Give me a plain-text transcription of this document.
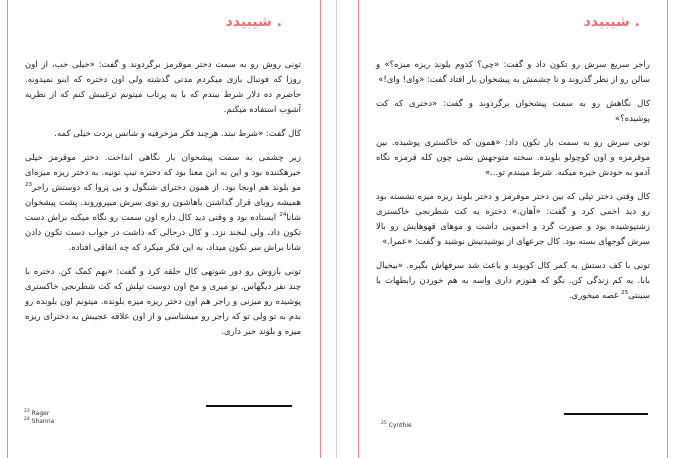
شیبیدد .

تونی روش رو به سمت دختر موقرمز برگردوند و گفت: «خیلی خب، از اون روزا که فوتبال بازی میکردم مدتی گذشته ولی اون دختره که اینو نمیدونه. حاضرم ده دلار شرط ببندم که با یه پرتاب میتونم ترغیبش کنم که از نظریه آشوب استفاده میکنم.

کال گفت: «شرط نبند. هرچند فکر مزخرفیه و شانس بردت خیلی کمه.

زیر چشمی به سمت پیشخوان بار نگاهی انداخت. دختر موقرمز خیلی خیرهکننده بود و این به این معنا بود که دختره تیپ تونیه. به دختر ریزه میزه‌ای مو بلوند هم اونجا بود. از همون دخترای شنگول و بی پروا که دوستش راجر$^{23}$ همیشه رویای قرار گذاشتن باهاشون رو توی سرش میپروروند. پشت پیشخوان شانا$^{24}$ ایستاده بود و وقتی دید کال داره اون سمت رو نگاه میکنه براش دست تکون داد، ولی لبخند نزد. و کال درحالی که داشت در جواب دست تکون دادن شانا براش سر تکون میداد، به این فکر میکرد که چه اتفاقی افتاده.

تونی بازوش رو دور شونهی کال حلقه کرد و گفت: «بهم کمک کن. دختره با چند نفر دیگهاس. تو میری و مخ اون دوست تپلش که کت شطرنجی خاکستری پوشیده رو میزنی و راجر هم اون دختر ریزه میزه بلونده. میتونم اون بلونده رو بدم به تو ولی تو که راجر رو میشناسی و از اون علاقه عجیبش به دخترای ریزه میزه و بلوند خبر داری.

$^{23}$ Rager
$^{24}$ Shanna
شیبیدد .

راجر سریع سرش رو تکون داد و گفت: «چی؟ کدوم بلوند ریزه میزه؟» و سالن رو از نظر گذروند و تا چشمش به پیشخوان بار افتاد گفت: «وای! وای!»

کال نگاهش رو به سمت پیشخوان برگردوند و گفت: «دختری که کت پوشیده؟»

تونی سرش رو به سمت بار تکون داد: «همون که خاکستری پوشیده. بین موقرمزه و اون کوچولو بلونده. سخته متوجهش بشی چون کله قرمزه نگاه آدمو به خودش خیره میکنه. شرط میبندم تو...»

کال وقتی دختر تپلی که بین دختر موقرمز و دختر بلوند ریزه میزه نشسته بود رو دید اخمی کرد و گفت: «آهان.» دختره یه کت شطرنجی خاکستری زشتپوشیده بود و صورت گرد و اخمویی داشت و موهای قهوهایش رو بالا سرش گوجهای بسته بود. کال جرعهای از نوشیدنیش نوشید و گفت: «عمرا.»

تونی با کف دستش به کمر کال کوبوند و باعث شد سرفهاش بگیره. «بیخیال بابا. یه کم زندگی کن. نگو که هنوزم داری واسه به هم خوردن رابطهات با سینتی$^{25}$ غصه میخوری.

$^{25}$ Cynthie
